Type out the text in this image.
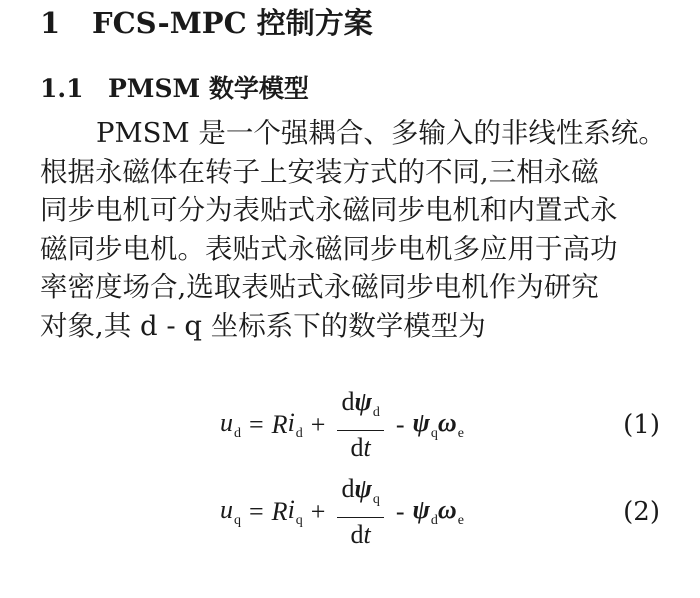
1 FCS-MPC 控制方案
1.1 PMSM 数学模型
PMSM 是一个强耦合、多输入的非线性系统。
根据永磁体在转子上安装方式的不同,三相永磁
同步电机可分为表贴式永磁同步电机和内置式永
磁同步电机。表贴式永磁同步电机多应用于高功
率密度场合,选取表贴式永磁同步电机作为研究
对象,其 d - q 坐标系下的数学模型为
$u_d = R$ $i_d + \frac{d\psi_d}{dt} - \psi_q$ $\omega_e$	(1)
$u_q = R$ $i_q + \frac{d\psi_q}{dt} - \psi_d$ $\omega_e$	(2)
